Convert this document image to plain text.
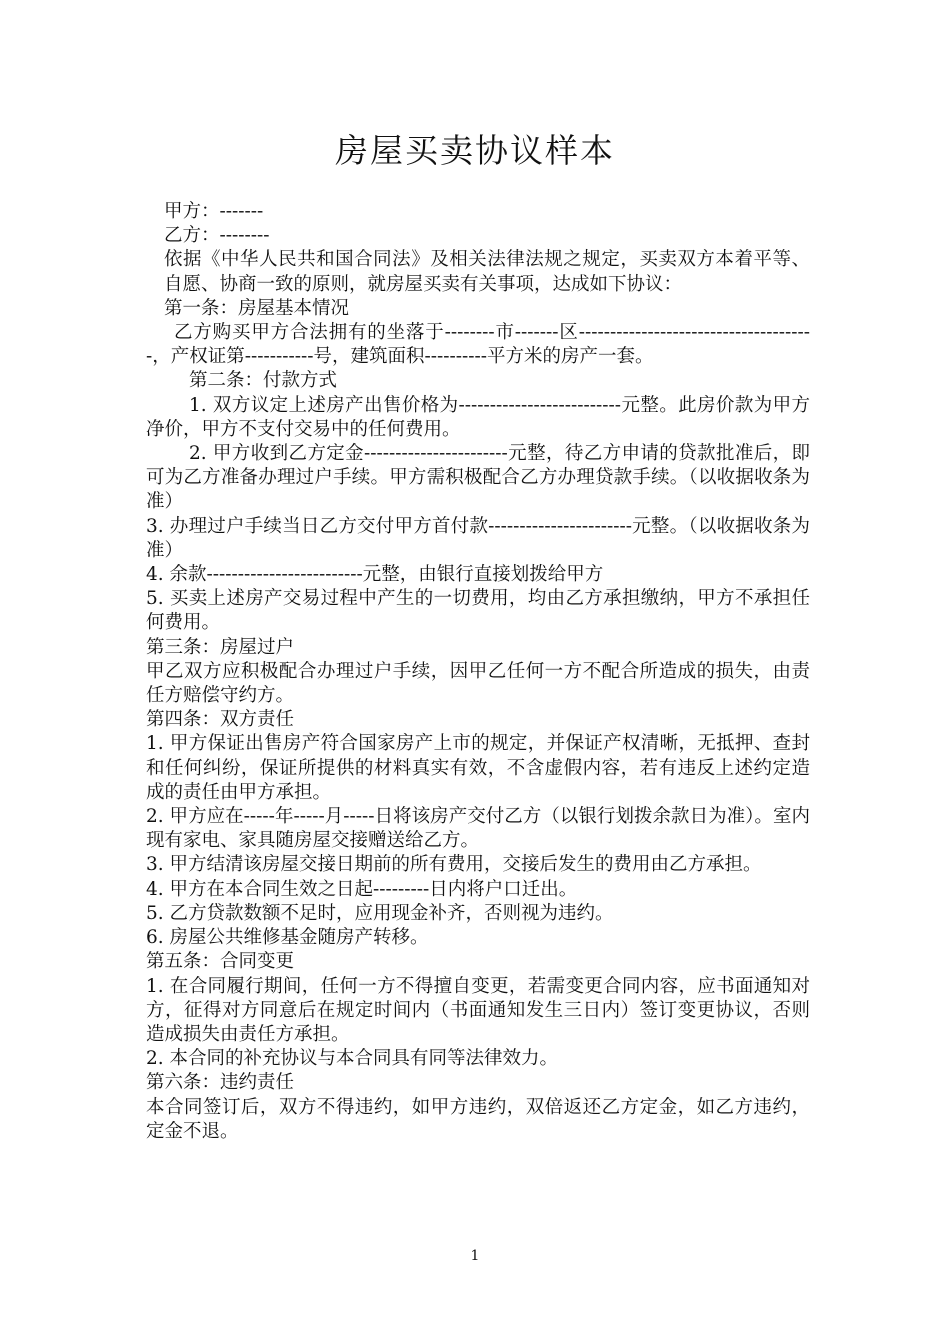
房屋买卖协议样本

甲方：-------

乙方：--------

依据《中华人民共和国合同法》及相关法律法规之规定，买卖双方本着平等、自愿、协商一致的原则，就房屋买卖有关事项，达成如下协议：

第一条：房屋基本情况

乙方购买甲方合法拥有的坐落于--------市-------区--------------------------------------，产权证第-----------号，建筑面积----------平方米的房产一套。

第二条：付款方式

1. 双方议定上述房产出售价格为--------------------------元整。此房价款为甲方净价，甲方不支付交易中的任何费用。

2. 甲方收到乙方定金-----------------------元整，待乙方申请的贷款批准后，即可为乙方准备办理过户手续。甲方需积极配合乙方办理贷款手续。（以收据收条为准）

3. 办理过户手续当日乙方交付甲方首付款-----------------------元整。（以收据收条为准）

4. 余款-------------------------元整，由银行直接划拨给甲方

5. 买卖上述房产交易过程中产生的一切费用，均由乙方承担缴纳，甲方不承担任何费用。

第三条：房屋过户

甲乙双方应积极配合办理过户手续，因甲乙任何一方不配合所造成的损失，由责任方赔偿守约方。

第四条：双方责任

1. 甲方保证出售房产符合国家房产上市的规定，并保证产权清晰，无抵押、查封和任何纠纷，保证所提供的材料真实有效，不含虚假内容，若有违反上述约定造成的责任由甲方承担。

2. 甲方应在-----年-----月-----日将该房产交付乙方（以银行划拨余款日为准）。室内现有家电、家具随房屋交接赠送给乙方。

3. 甲方结清该房屋交接日期前的所有费用，交接后发生的费用由乙方承担。

4. 甲方在本合同生效之日起---------日内将户口迁出。

5. 乙方贷款数额不足时，应用现金补齐，否则视为违约。

6. 房屋公共维修基金随房产转移。

第五条：合同变更

1. 在合同履行期间，任何一方不得擅自变更，若需变更合同内容，应书面通知对方，征得对方同意后在规定时间内（书面通知发生三日内）签订变更协议，否则造成损失由责任方承担。

2. 本合同的补充协议与本合同具有同等法律效力。

第六条：违约责任

本合同签订后，双方不得违约，如甲方违约，双倍返还乙方定金，如乙方违约，定金不退。

1
